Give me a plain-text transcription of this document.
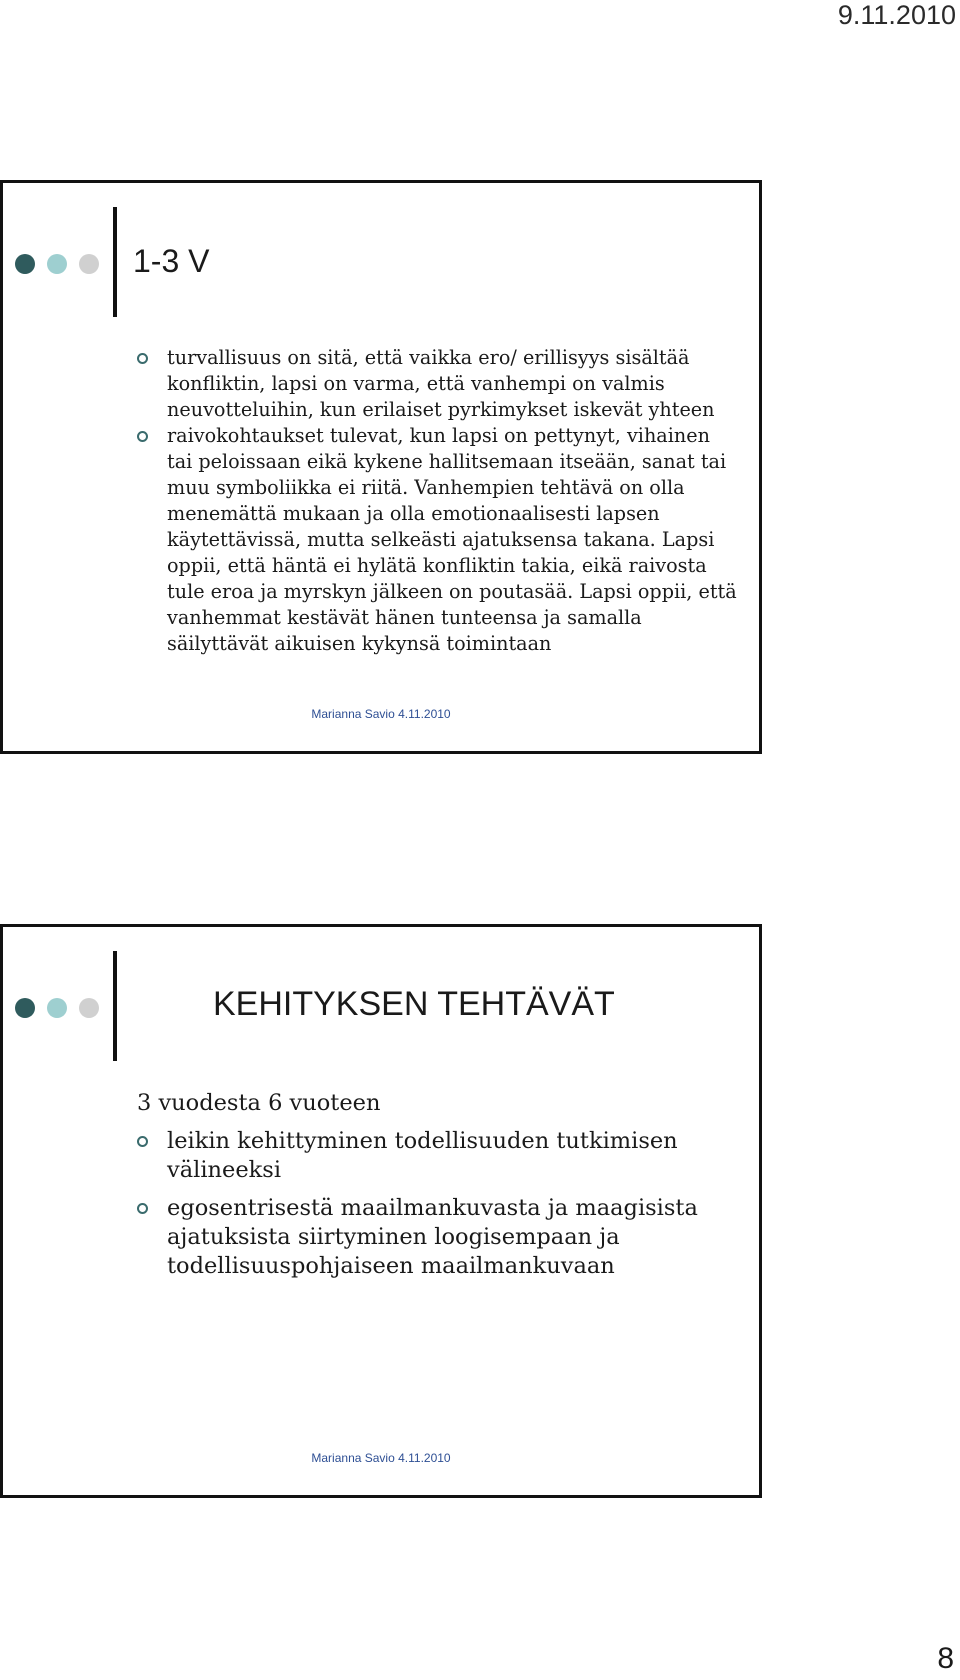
9.11.2010
1-3 V
turvallisuus on sitä, että vaikka ero/ erillisyys sisältää konfliktin, lapsi on varma, että vanhempi on valmis neuvotteluihin, kun erilaiset pyrkimykset iskevät yhteen
raivokohtaukset tulevat, kun lapsi on pettynyt, vihainen tai peloissaan eikä kykene hallitsemaan itseään, sanat tai muu symboliikka ei riitä. Vanhempien tehtävä on olla menemättä mukaan ja olla emotionaalisesti lapsen käytettävissä, mutta selkeästi ajatuksensa takana. Lapsi oppii, että häntä ei hylätä konfliktin takia, eikä raivosta tule eroa ja myrskyn jälkeen on poutasää. Lapsi oppii, että vanhemmat kestävät hänen tunteensa ja samalla säilyttävät aikuisen kykynsä toimintaan
Marianna Savio 4.11.2010
KEHITYKSEN TEHTÄVÄT

3 vuodesta 6 vuoteen

leikin kehittyminen todellisuuden tutkimisen välineeksi
egosentrisestä maailmankuvasta ja maagisista ajatuksista siirtyminen loogisempaan ja todellisuuspohjaiseen maailmankuvaan
Marianna Savio 4.11.2010
8
